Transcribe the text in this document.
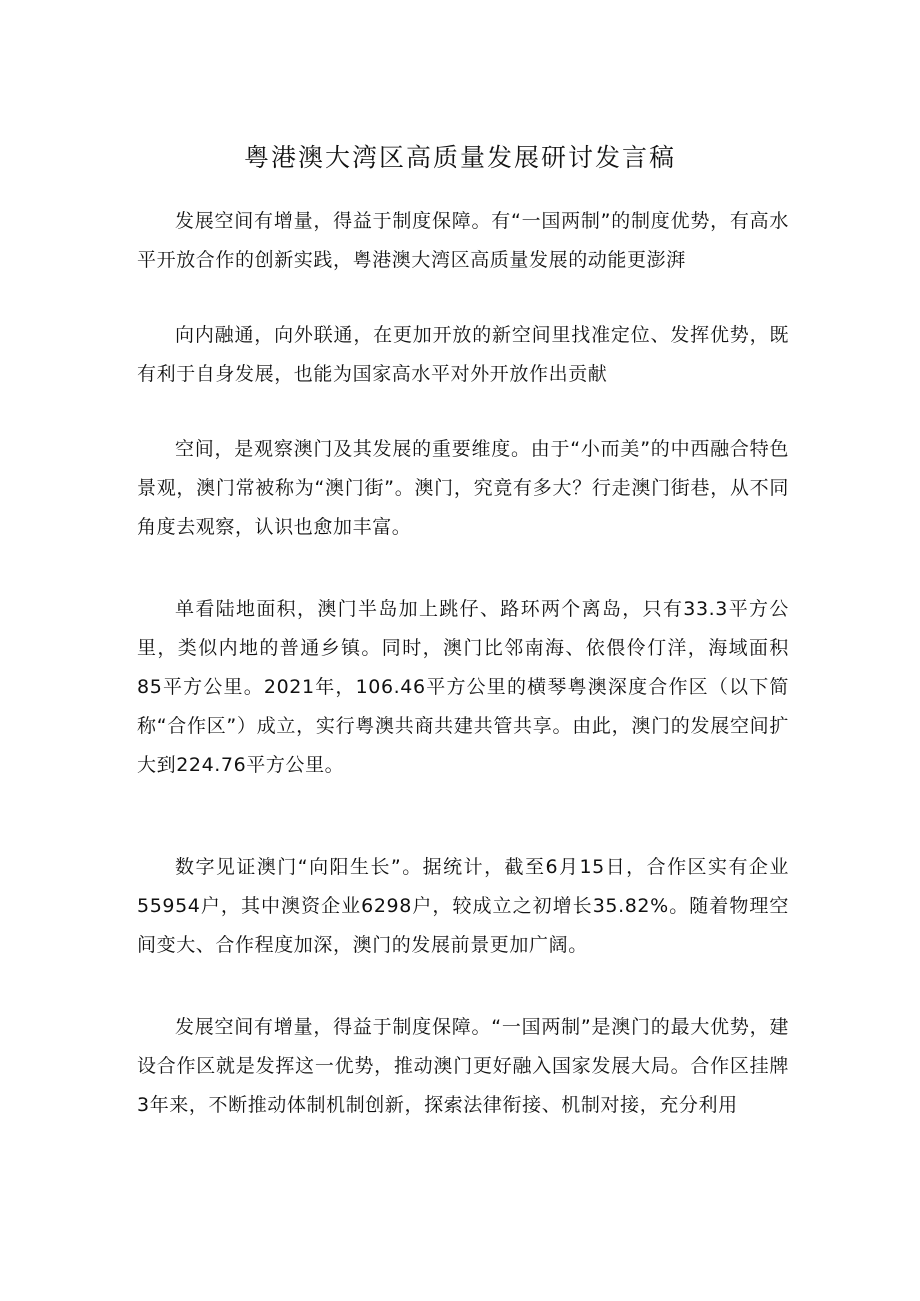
粤港澳大湾区高质量发展研讨发言稿

发展空间有增量，得益于制度保障。有“一国两制”的制度优势，有高水平开放合作的创新实践，粤港澳大湾区高质量发展的动能更澎湃

向内融通，向外联通，在更加开放的新空间里找准定位、发挥优势，既有利于自身发展，也能为国家高水平对外开放作出贡献

空间，是观察澳门及其发展的重要维度。由于“小而美”的中西融合特色景观，澳门常被称为“澳门街”。澳门，究竟有多大？行走澳门街巷，从不同角度去观察，认识也愈加丰富。

单看陆地面积，澳门半岛加上跳仔、路环两个离岛，只有33.3平方公里，类似内地的普通乡镇。同时，澳门比邻南海、依偎伶仃洋，海域面积85平方公里。2021年，106.46平方公里的横琴粤澳深度合作区（以下简称“合作区”）成立，实行粤澳共商共建共管共享。由此，澳门的发展空间扩大到224.76平方公里。

数字见证澳门“向阳生长”。据统计，截至6月15日，合作区实有企业55954户，其中澳资企业6298户，较成立之初增长35.82%。随着物理空间变大、合作程度加深，澳门的发展前景更加广阔。

发展空间有增量，得益于制度保障。“一国两制”是澳门的最大优势，建设合作区就是发挥这一优势，推动澳门更好融入国家发展大局。合作区挂牌3年来，不断推动体制机制创新，探索法律衔接、机制对接，充分利用
